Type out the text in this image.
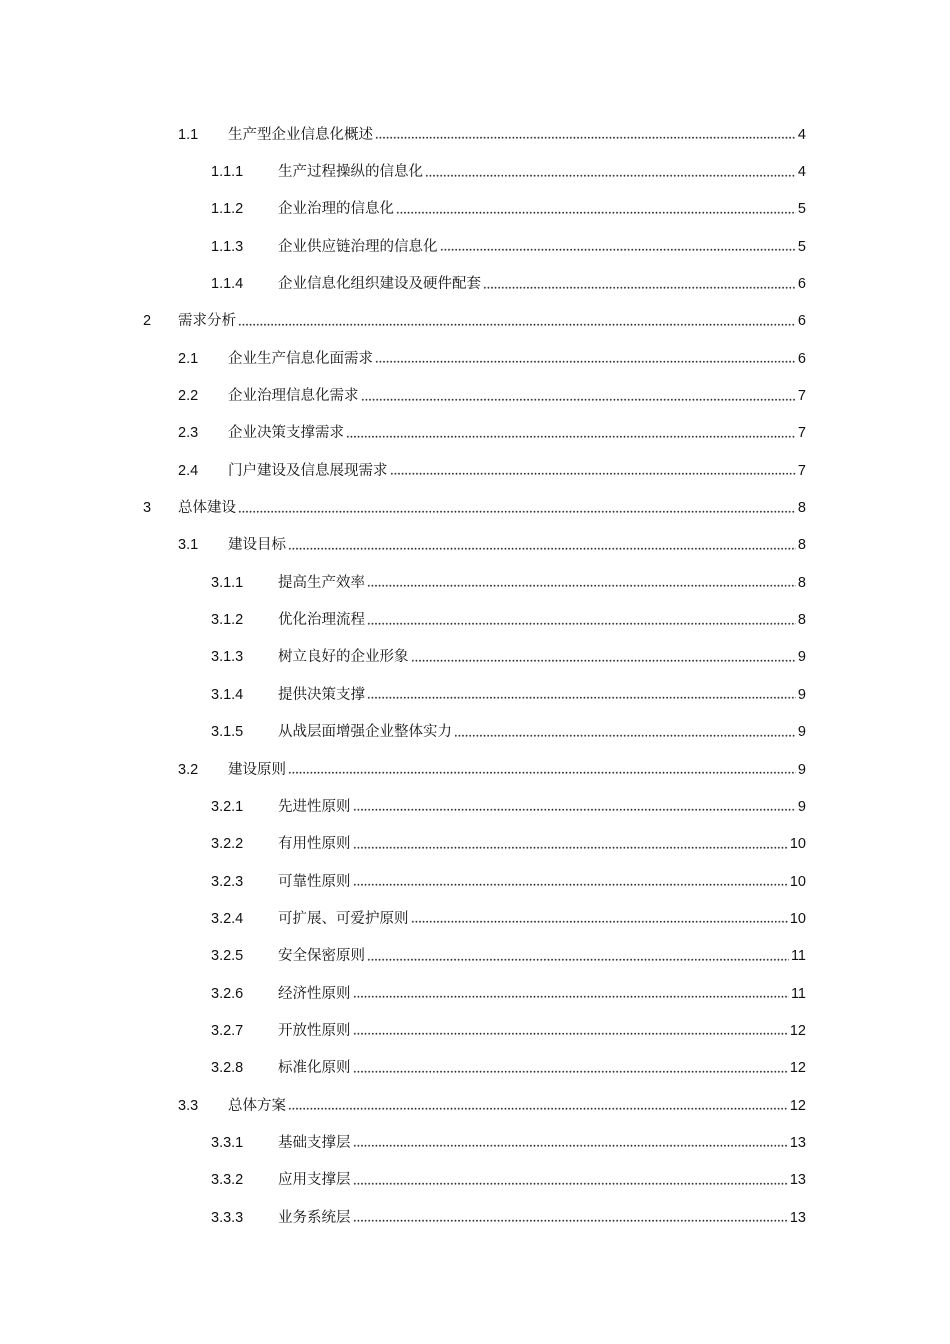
1.1 生产型企业信息化概述	4
1.1.1 生产过程操纵的信息化	4
1.1.2 企业治理的信息化	5
1.1.3 企业供应链治理的信息化	5
1.1.4 企业信息化组织建设及硬件配套	6
2 需求分析	6
2.1 企业生产信息化面需求	6
2.2 企业治理信息化需求	7
2.3 企业决策支撑需求	7
2.4 门户建设及信息展现需求	7
3 总体建设	8
3.1 建设目标	8
3.1.1 提高生产效率	8
3.1.2 优化治理流程	8
3.1.3 树立良好的企业形象	9
3.1.4 提供决策支撑	9
3.1.5 从战层面增强企业整体实力	9
3.2 建设原则	9
3.2.1 先进性原则	9
3.2.2 有用性原则	10
3.2.3 可靠性原则	10
3.2.4 可扩展、可爱护原则	10
3.2.5 安全保密原则	11
3.2.6 经济性原则	11
3.2.7 开放性原则	12
3.2.8 标准化原则	12
3.3 总体方案	12
3.3.1 基础支撑层	13
3.3.2 应用支撑层	13
3.3.3 业务系统层	13
